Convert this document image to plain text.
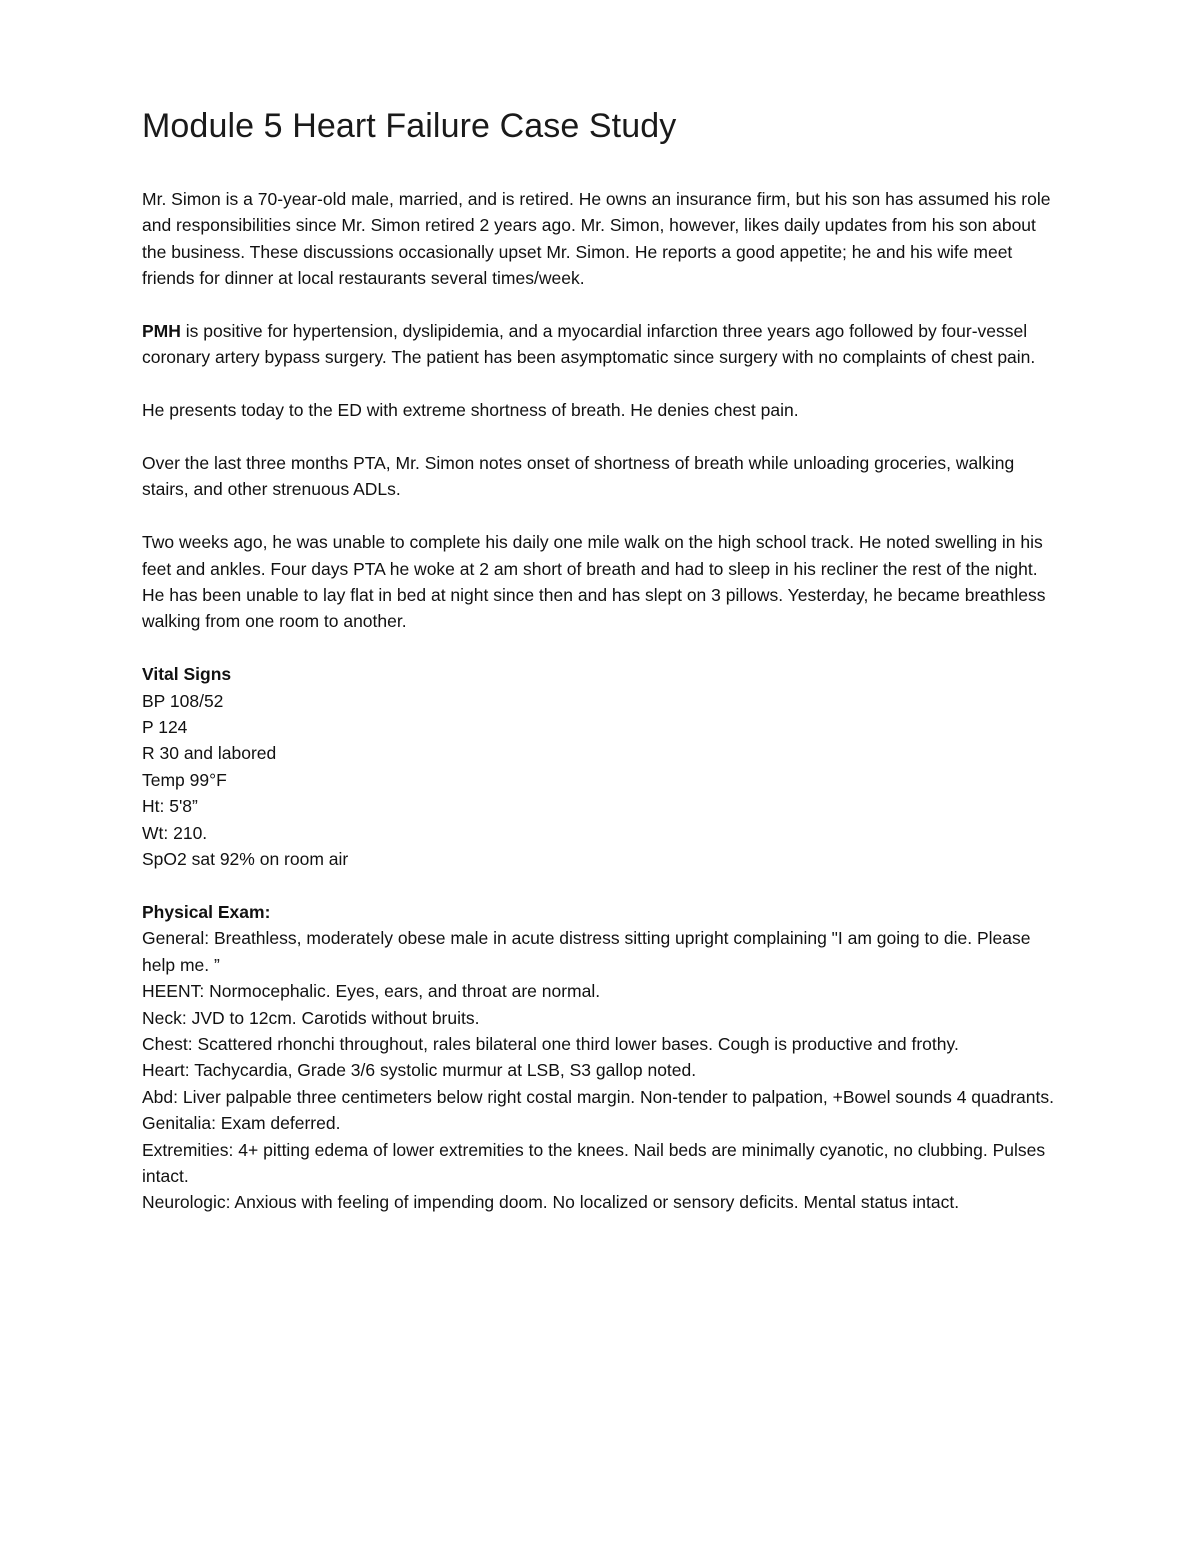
Module 5 Heart Failure Case Study

Mr. Simon is a 70-year-old male, married, and is retired. He owns an insurance firm, but his son has assumed his role and responsibilities since Mr. Simon retired 2 years ago. Mr. Simon, however, likes daily updates from his son about the business. These discussions occasionally upset Mr. Simon. He reports a good appetite; he and his wife meet friends for dinner at local restaurants several times/week.

PMH is positive for hypertension, dyslipidemia, and a myocardial infarction three years ago followed by four-vessel coronary artery bypass surgery. The patient has been asymptomatic since surgery with no complaints of chest pain.

He presents today to the ED with extreme shortness of breath. He denies chest pain.

Over the last three months PTA, Mr. Simon notes onset of shortness of breath while unloading groceries, walking stairs, and other strenuous ADLs.

Two weeks ago, he was unable to complete his daily one mile walk on the high school track. He noted swelling in his feet and ankles. Four days PTA he woke at 2 am short of breath and had to sleep in his recliner the rest of the night. He has been unable to lay flat in bed at night since then and has slept on 3 pillows. Yesterday, he became breathless walking from one room to another.

Vital Signs

BP 108/52

P 124

R 30 and labored

Temp 99°F

Ht: 5'8”

Wt: 210.

SpO2 sat 92% on room air

Physical Exam:

General: Breathless, moderately obese male in acute distress sitting upright complaining "I am going to die. Please help me. ”

HEENT: Normocephalic. Eyes, ears, and throat are normal.

Neck: JVD to 12cm. Carotids without bruits.

Chest: Scattered rhonchi throughout, rales bilateral one third lower bases. Cough is productive and frothy.

Heart: Tachycardia, Grade 3/6 systolic murmur at LSB, S3 gallop noted.

Abd: Liver palpable three centimeters below right costal margin. Non-tender to palpation, +Bowel sounds 4 quadrants.

Genitalia: Exam deferred.

Extremities: 4+ pitting edema of lower extremities to the knees. Nail beds are minimally cyanotic, no clubbing. Pulses intact.

Neurologic: Anxious with feeling of impending doom. No localized or sensory deficits. Mental status intact.
